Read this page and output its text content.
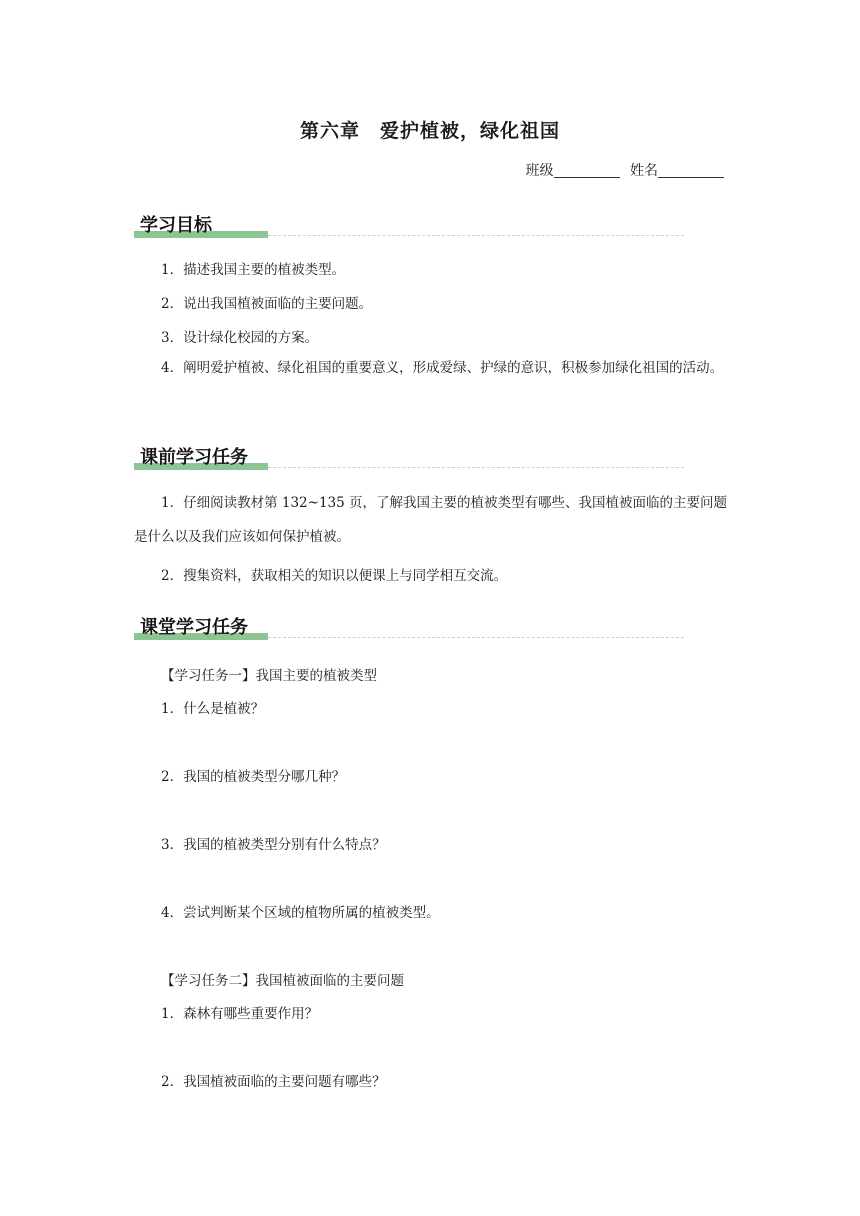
第六章　爱护植被，绿化祖国
班级	姓名
学习目标
1．描述我国主要的植被类型。
2．说出我国植被面临的主要问题。
3．设计绿化校园的方案。
4．阐明爱护植被、绿化祖国的重要意义，形成爱绿、护绿的意识，积极参加绿化祖国的活动。
课前学习任务
1．仔细阅读教材第 132~135 页，了解我国主要的植被类型有哪些、我国植被面临的主要问题是什么以及我们应该如何保护植被。
2．搜集资料，获取相关的知识以便课上与同学相互交流。
课堂学习任务
【学习任务一】我国主要的植被类型
1．什么是植被？
2．我国的植被类型分哪几种？
3．我国的植被类型分别有什么特点？
4．尝试判断某个区域的植物所属的植被类型。
【学习任务二】我国植被面临的主要问题
1．森林有哪些重要作用？
2．我国植被面临的主要问题有哪些？
